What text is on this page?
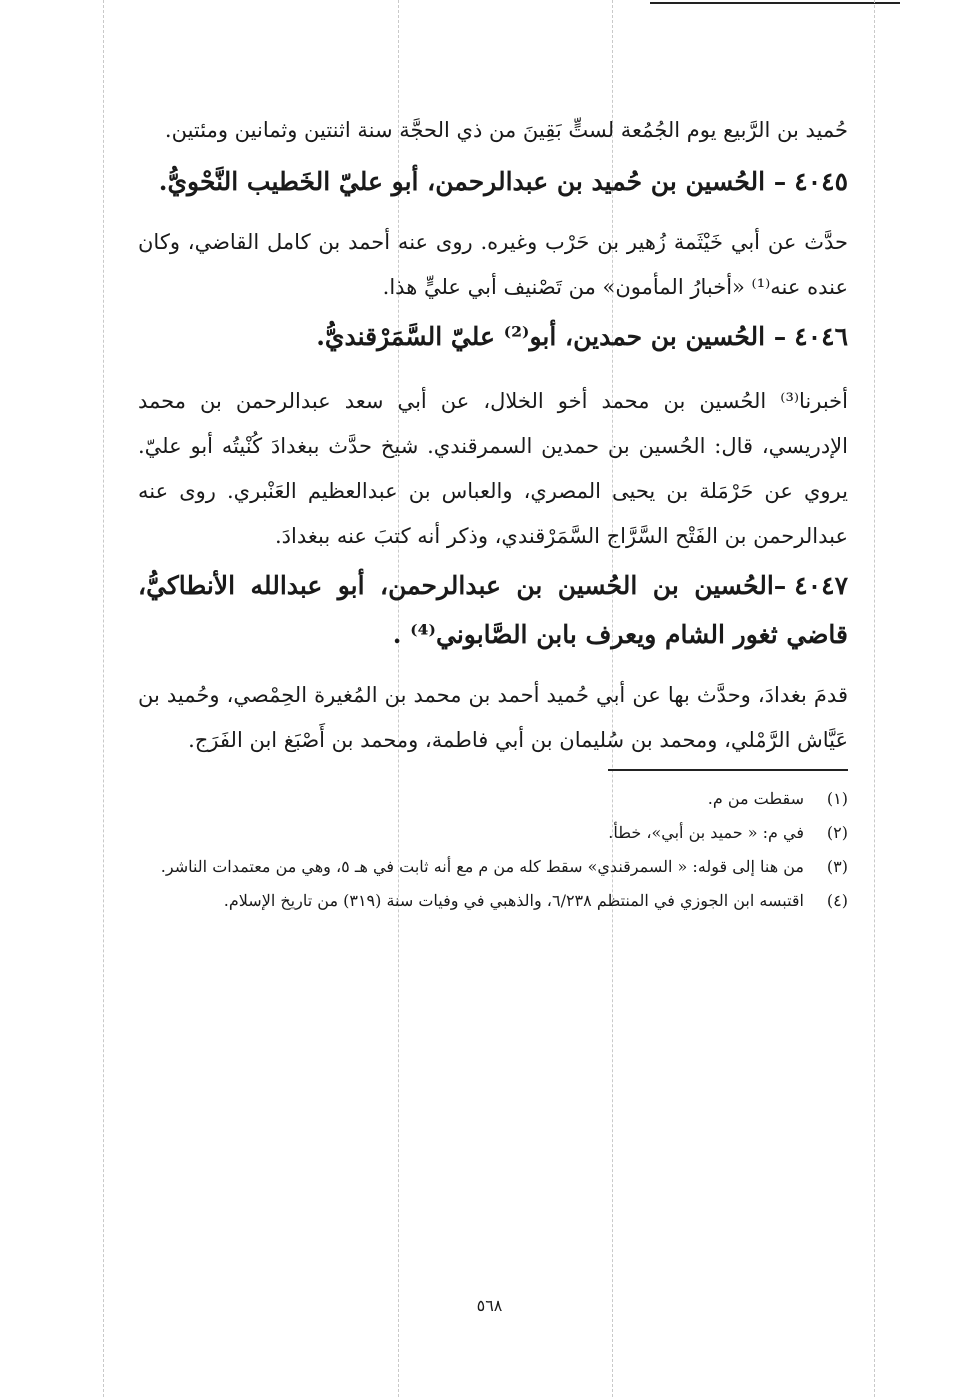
حُميد بن الرَّبيع يوم الجُمُعة لستٍّ بَقِينَ من ذي الحجَّة سنة اثنتين وثمانين ومئتين.

٤٠٤٥– الحُسين بن حُميد بن عبدالرحمن، أبو عليّ الخَطيب النَّحْويُّ.

حدَّث عن أبي خَيْثَمة زُهير بن حَرْب وغيره. روى عنه أحمد بن كامل القاضي، وكان عنده عنه⁽¹⁾ «أخبارُ المأمون» من تَصْنيف أبي عليٍّ هذا.

٤٠٤٦– الحُسين بن حمدين، أبو⁽²⁾ عليّ السَّمَرْقنديُّ.

أخبرنا⁽³⁾ الحُسين بن محمد أخو الخلال، عن أبي سعد عبدالرحمن بن محمد الإدريسي، قال: الحُسين بن حمدين السمرقندي. شيخ حدَّث ببغدادَ كُنْيتُه أبو عليّ. يروي عن حَرْمَلة بن يحيى المصري، والعباس بن عبدالعظيم العَنْبري. روى عنه عبدالرحمن بن الفَتْح السَّرَّاج السَّمَرْقندي، وذكر أنه كتبَ عنه ببغدادَ.

٤٠٤٧–الحُسين بن الحُسين بن عبدالرحمن، أبو عبدالله الأنطاكيُّ، قاضي ثغور الشام ويعرف بابن الصَّابوني⁽⁴⁾ .

قدمَ بغدادَ، وحدَّث بها عن أبي حُميد أحمد بن محمد بن المُغيرة الحِمْصي، وحُميد بن عَيَّاش الرَّمْلي، ومحمد بن سُليمان بن أبي فاطمة، ومحمد بن أَصْبَغ ابن الفَرَج.

(١)
سقطت من م.
(٢)
في م: « حميد بن أبي»، خطأ.
(٣)
من هنا إلى قوله: « السمرقندي» سقط كله من م مع أنه ثابت في هـ ٥، وهي من معتمدات الناشر.
(٤)
اقتبسه ابن الجوزي في المنتظم ٦/٢٣٨، والذهبي في وفيات سنة (٣١٩) من تاريخ الإسلام.
٥٦٨
